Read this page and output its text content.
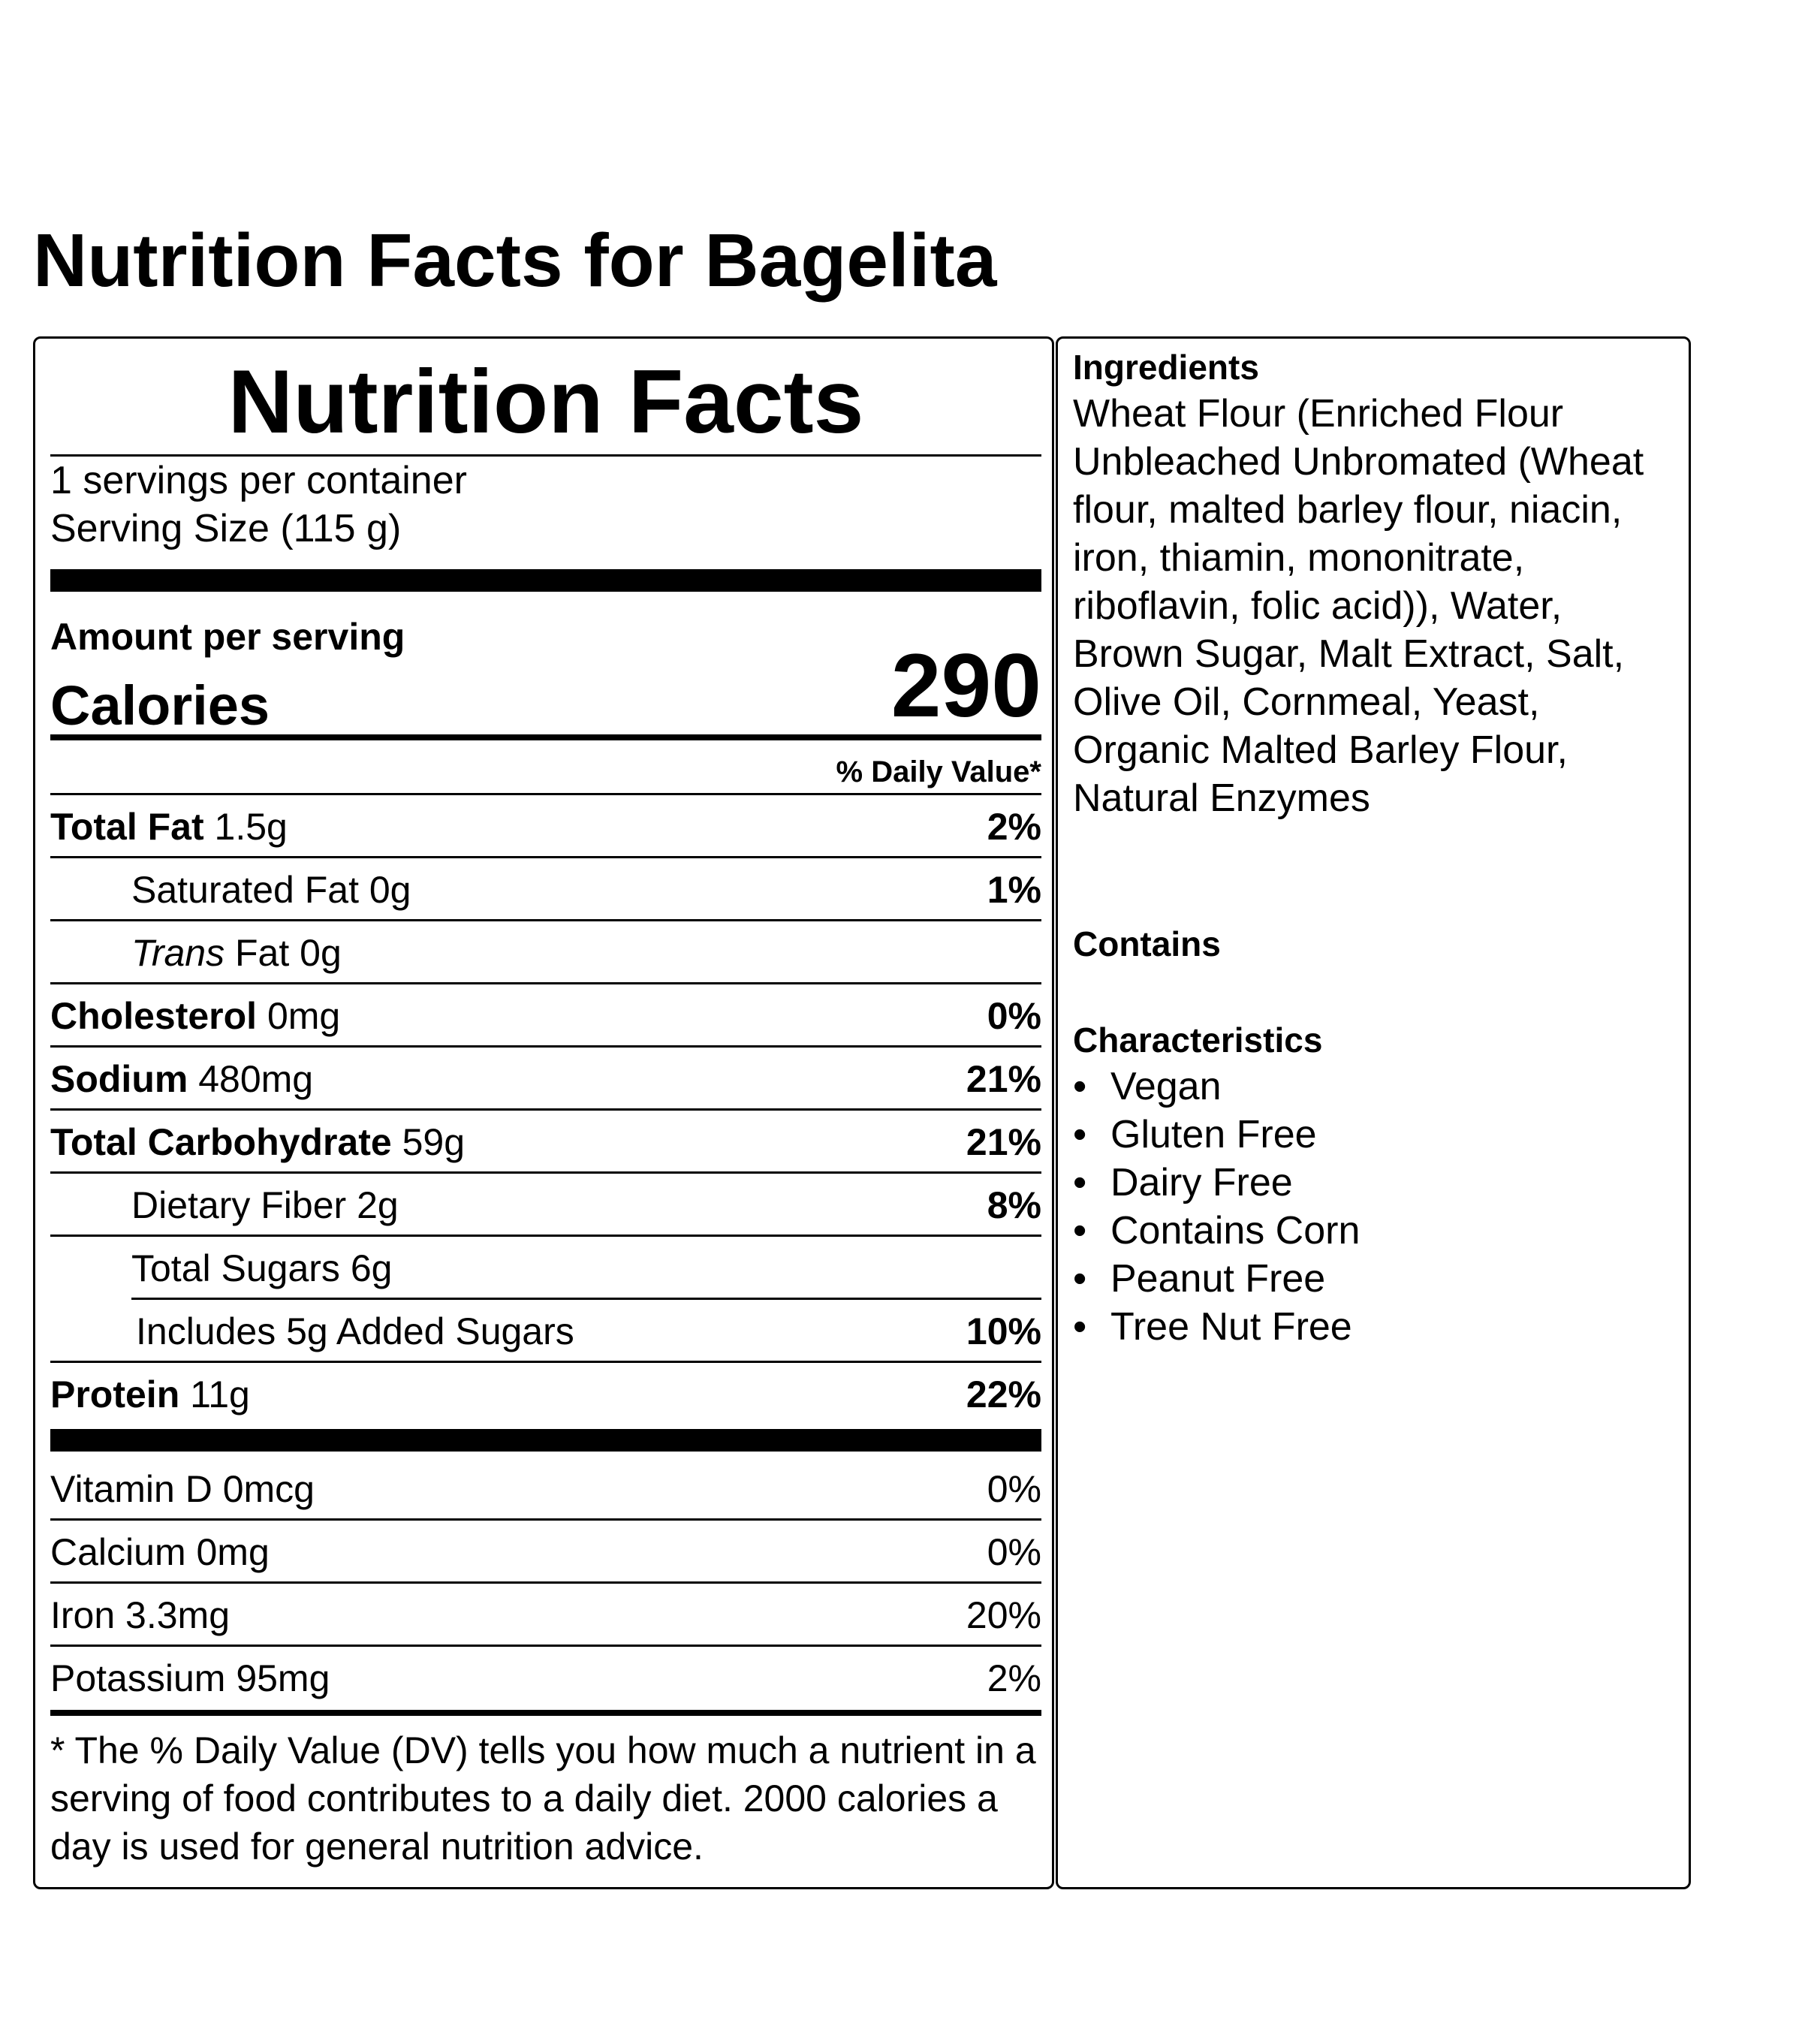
Nutrition Facts for Bagelita
Nutrition Facts
1 servings per container
Serving Size (115 g)
Amount per serving
Calories	290
% Daily Value*
Total Fat 1.5g	2%
Saturated Fat 0g	1%
Trans Fat 0g
Cholesterol 0mg	0%
Sodium 480mg	21%
Total Carbohydrate 59g	21%
Dietary Fiber 2g	8%
Total Sugars 6g
Includes 5g Added Sugars	10%
Protein 11g	22%
Vitamin D 0mcg	0%
Calcium 0mg	0%
Iron 3.3mg	20%
Potassium 95mg	2%
* The % Daily Value (DV) tells you how much a nutrient in a serving of food contributes to a daily diet. 2000 calories a day is used for general nutrition advice.
Ingredients
Wheat Flour (Enriched Flour Unbleached Unbromated (Wheat flour, malted barley flour, niacin, iron, thiamin, mononitrate, riboflavin, folic acid)), Water, Brown Sugar, Malt Extract, Salt, Olive Oil, Cornmeal, Yeast, Organic Malted Barley Flour, Natural Enzymes
Contains
Characteristics
• Vegan
• Gluten Free
• Dairy Free
• Contains Corn
• Peanut Free
• Tree Nut Free
